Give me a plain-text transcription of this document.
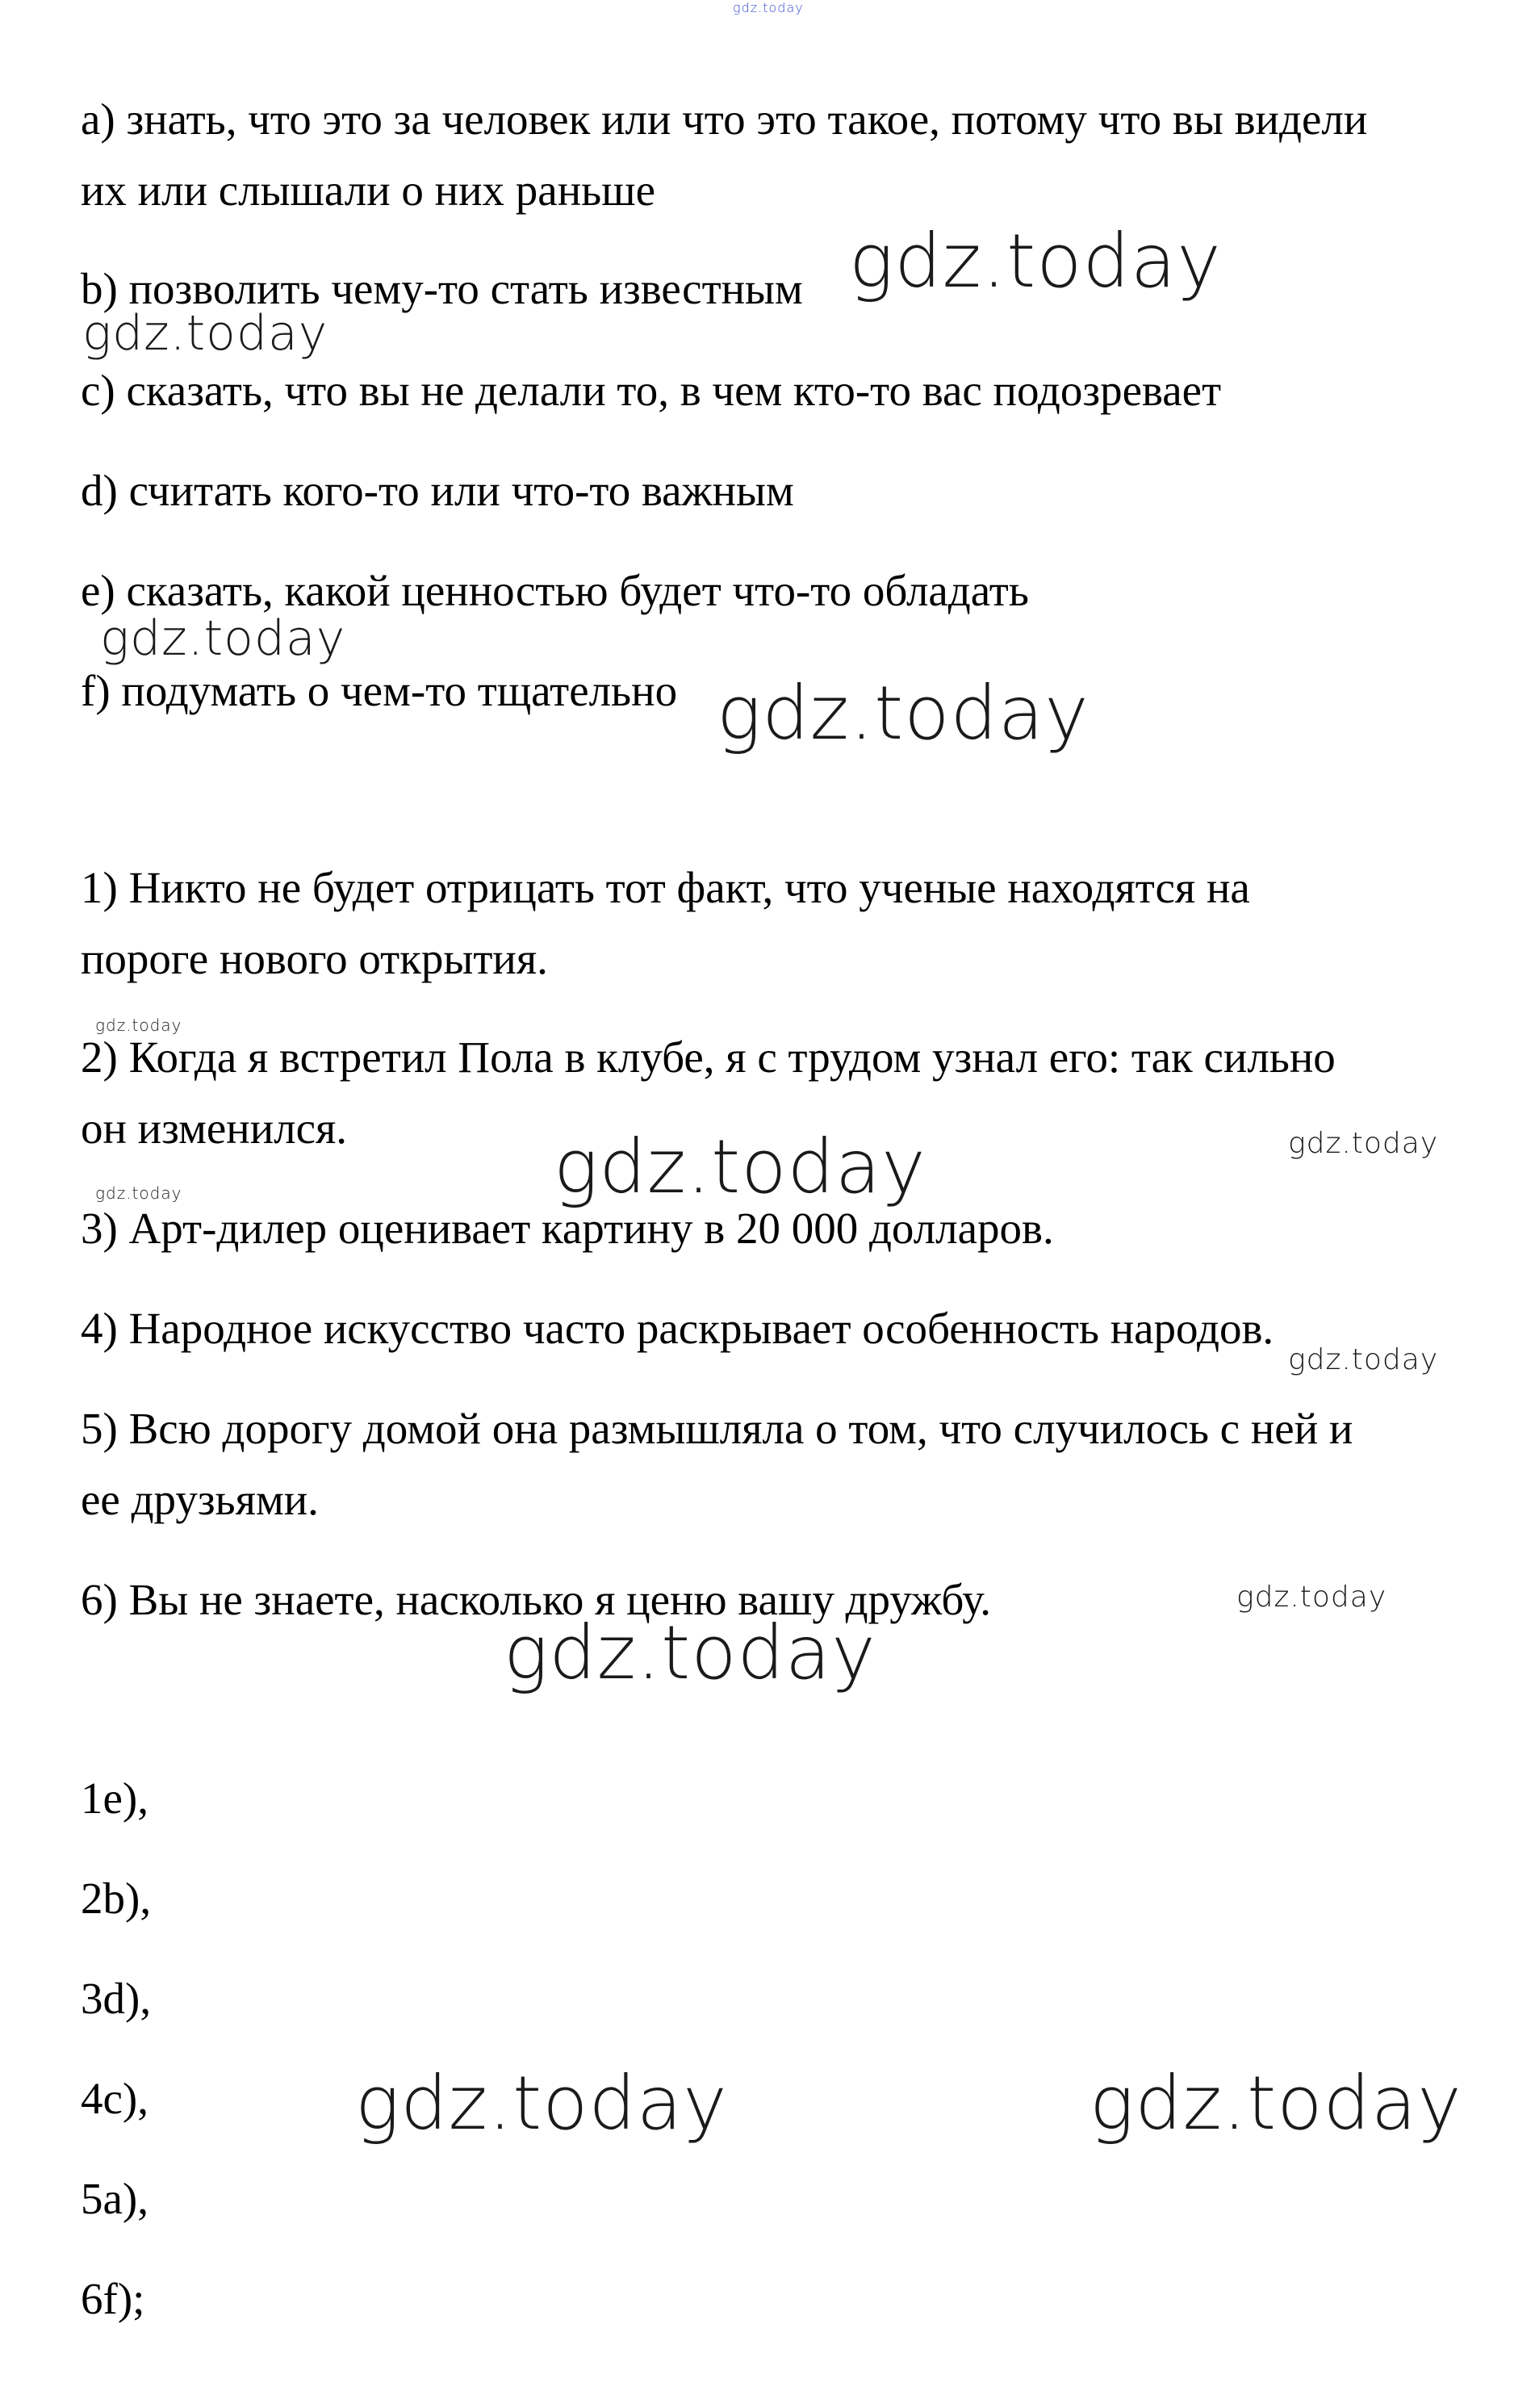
gdz.today
a) знать, что это за человек или что это такое, потому что вы видели
их или слышали о них раньше
b) позволить чему-то стать известным
c) сказать, что вы не делали то, в чем кто-то вас подозревает
d) считать кого-то или что-то важным
e) сказать, какой ценностью будет что-то обладать
f) подумать о чем-то тщательно
1) Никто не будет отрицать тот факт, что ученые находятся на
пороге нового открытия.
2) Когда я встретил Пола в клубе, я с трудом узнал его: так сильно
он изменился.
3) Арт-дилер оценивает картину в 20 000 долларов.
4) Народное искусство часто раскрывает особенность народов.
5) Всю дорогу домой она размышляла о том, что случилось с ней и
ее друзьями.
6) Вы не знаете, насколько я ценю вашу дружбу.
1e),
2b),
3d),
4c),
5a),
6f);
gdz.today
gdz.today
gdz.today
gdz.today
gdz.today
gdz.today	gdz.today
gdz.today
gdz.today
gdz.today
gdz.today
gdz.today	gdz.today
